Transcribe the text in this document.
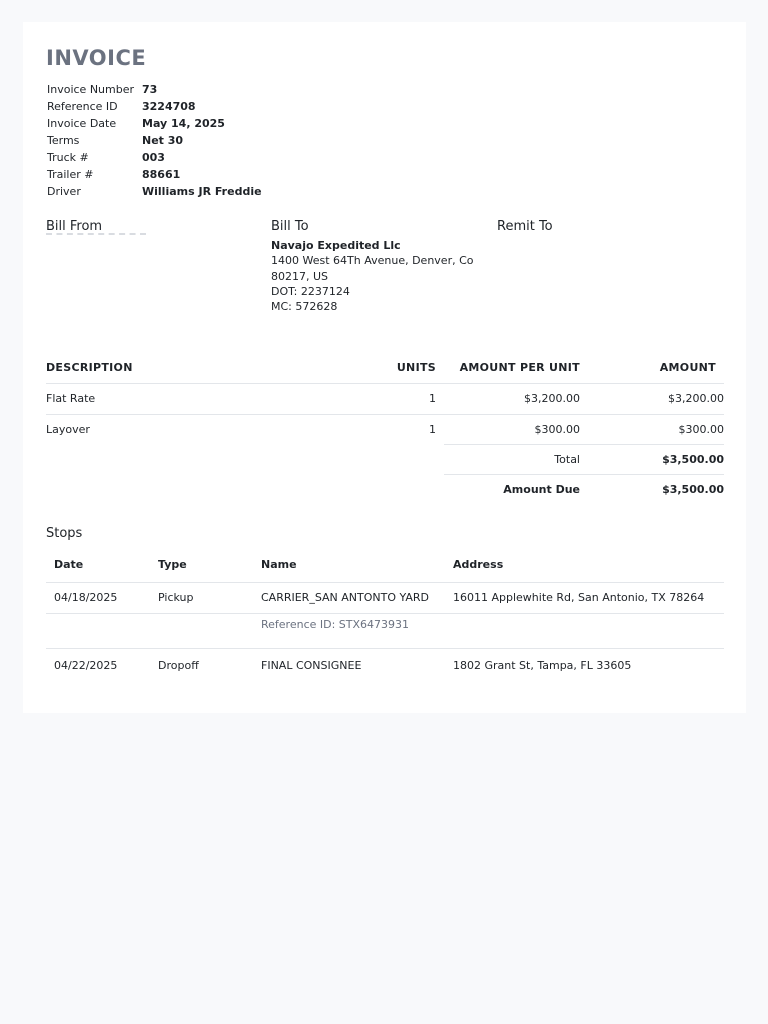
INVOICE
Invoice Number 73
Reference ID	3224708
Invoice Date	May 14, 2025
Terms	Net 30
Truck #	003
Trailer #	88661
Driver	Williams JR Freddie
Bill From	Bill To
Navajo Expedited Llc
1400 West 64Th Avenue, Denver, Co
80217, US
DOT: 2237124
MC: 572628
Remit To
DESCRIPTION	UNITS	AMOUNT PER UNIT	AMOUNT
Flat Rate	1	$3,200.00	$3,200.00
Layover	1	$300.00	$300.00
Total	$3,500.00
Amount Due	$3,500.00
Stops
Date	Type	Name	Address
04/18/2025	Pickup	CARRIER_SAN ANTONTO YARD	16011 Applewhite Rd, San Antonio, TX 78264
Reference ID: STX6473931
04/22/2025	Dropoff	FINAL CONSIGNEE	1802 Grant St, Tampa, FL 33605
